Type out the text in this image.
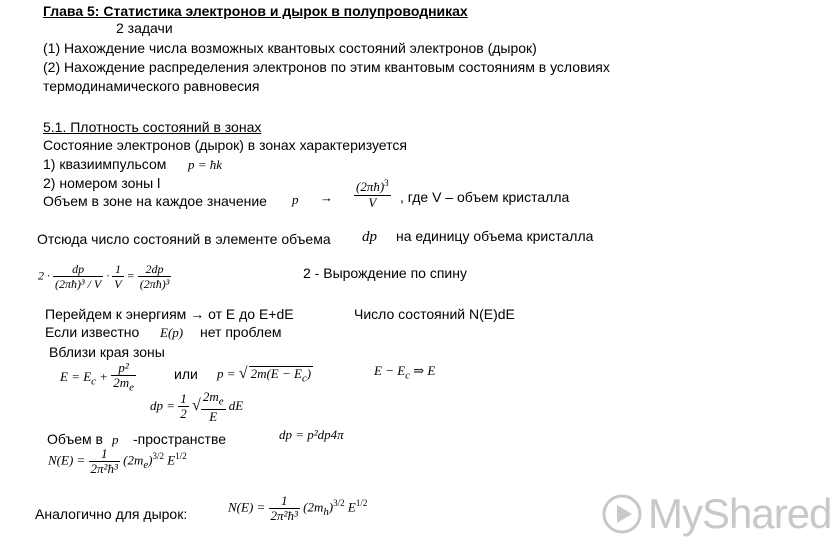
Глава 5: Статистика электронов и дырок в полупроводниках
2 задачи
(1) Нахождение числа возможных квантовых состояний электронов (дырок)
(2) Нахождение распределения электронов по этим квантовым состояниям в условиях
термодинамического равновесия
5.1. Плотность состояний в зонах
Состояние электронов (дырок) в зонах характеризуется
1) квазиимпульсом p = ħk
2) номером зоны l
Объем в зоне на каждое значение $p \to \frac{(2\pi ħ)^3}{V}$ , где V – объем кристалла
Отсюда число состояний в элементе объема dp на единицу объема кристалла
$2 \cdot \frac{dp}{\text{(2πħ)³ / V}} \cdot \frac{1}{V} = \frac{2dp}{\text{(2πħ)³}}$	2 - Вырождение по спину
Перейдем к энергиям → от E до E+dE	Число состояний N(E)dE
Если известно E(p) нет проблем
Вблизи края зоны
$E = E_c + \frac{\text{p²}}{2m_e}$	или p = √ $2m(E - E_c)$	$E - E_c$ ⇒ E
dp = $\frac{1}{2}$ √ $\frac{2m_e}{E}$ dE
Объем в p -пространстве	dp = p²dp4π
$N(E) = \frac{1}{\text{2π²ħ³}} (2m_e)^{3/2}$ $E^{1/2}$
Аналогично для дырок:	$N(E) = \frac{1}{\text{2π²ħ³}} (2m_h)^{3/2}$ $E^{1/2}$	MyShared
